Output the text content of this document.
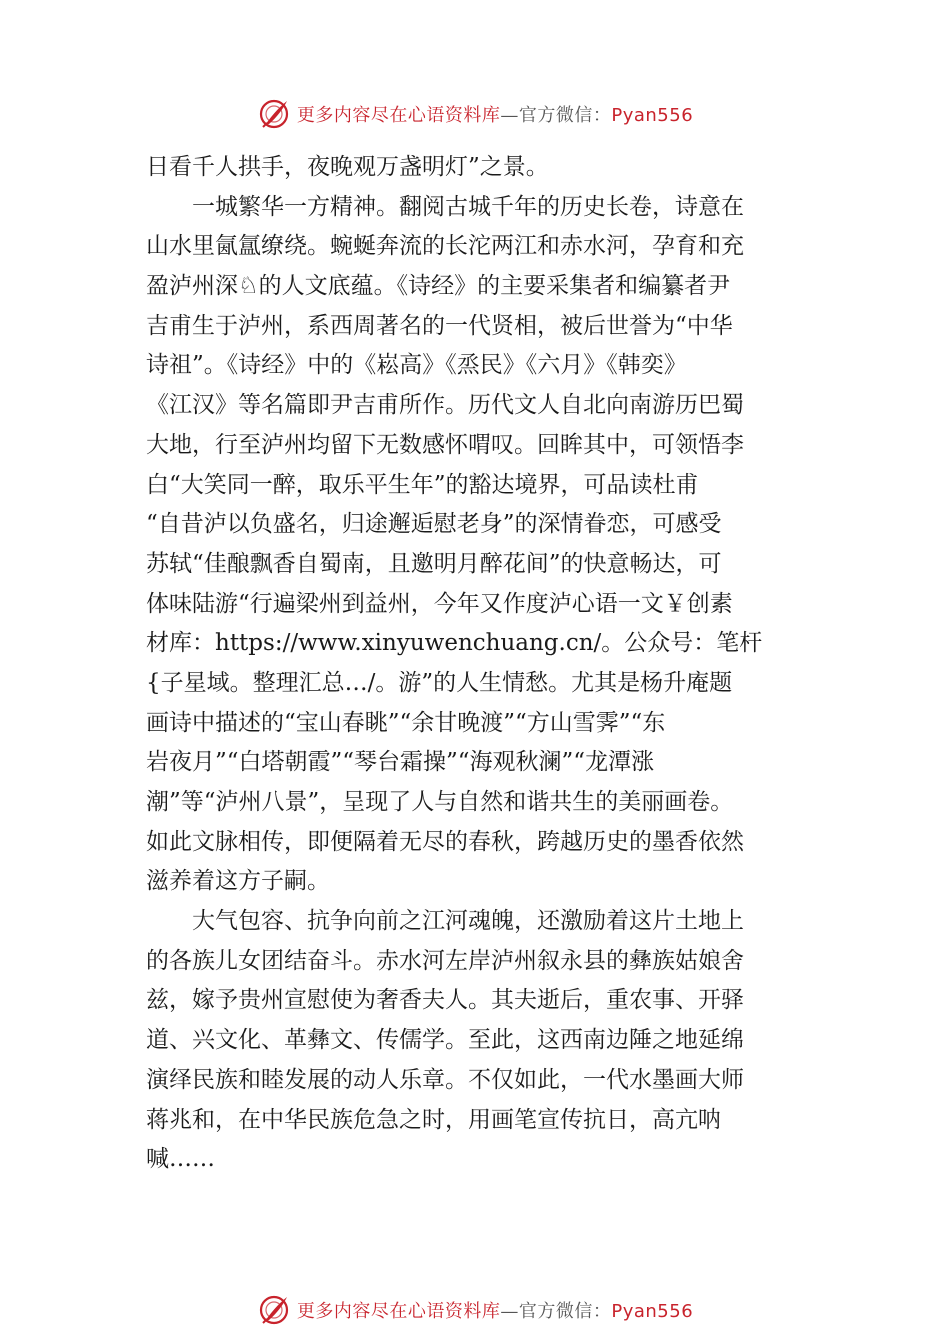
更多内容尽在心语资料库—官方微信：Pyan556
日看千人拱手，夜晚观万盏明灯”之景。
一城繁华一方精神。翻阅古城千年的历史长卷，诗意在
山水里氤氲缭绕。蜿蜒奔流的长沱两江和赤水河，孕育和充
盈泸州深♘的人文底蕴。《诗经》的主要采集者和编纂者尹
吉甫生于泸州，系西周著名的一代贤相，被后世誉为“中华
诗祖”。《诗经》中的《崧高》《烝民》《六月》《韩奕》
《江汉》等名篇即尹吉甫所作。历代文人自北向南游历巴蜀
大地，行至泸州均留下无数感怀喟叹。回眸其中，可领悟李
白“大笑同一醉，取乐平生年”的豁达境界，可品读杜甫
“自昔泸以负盛名，归途邂逅慰老身”的深情眷恋，可感受
苏轼“佳酿飘香自蜀南，且邀明月醉花间”的快意畅达，可
体味陆游“行遍梁州到益州，今年又作度泸心语一文￥创素
材库：https://www.xinyuwenchuang.cn/。公众号：笔杆
{子星域。整理汇总…/。游”的人生情愁。尤其是杨升庵题
画诗中描述的“宝山春眺”“余甘晚渡”“方山雪霁”“东
岩夜月”“白塔朝霞”“琴台霜操”“海观秋澜”“龙潭涨
潮”等“泸州八景”，呈现了人与自然和谐共生的美丽画卷。
如此文脉相传，即便隔着无尽的春秋，跨越历史的墨香依然
滋养着这方子嗣。
大气包容、抗争向前之江河魂魄，还激励着这片土地上
的各族儿女团结奋斗。赤水河左岸泸州叙永县的彝族姑娘舍
兹，嫁予贵州宣慰使为奢香夫人。其夫逝后，重农事、开驿
道、兴文化、革彝文、传儒学。至此，这西南边陲之地延绵
演绎民族和睦发展的动人乐章。不仅如此，一代水墨画大师
蒋兆和，在中华民族危急之时，用画笔宣传抗日，高亢呐
喊……
更多内容尽在心语资料库—官方微信：Pyan556
